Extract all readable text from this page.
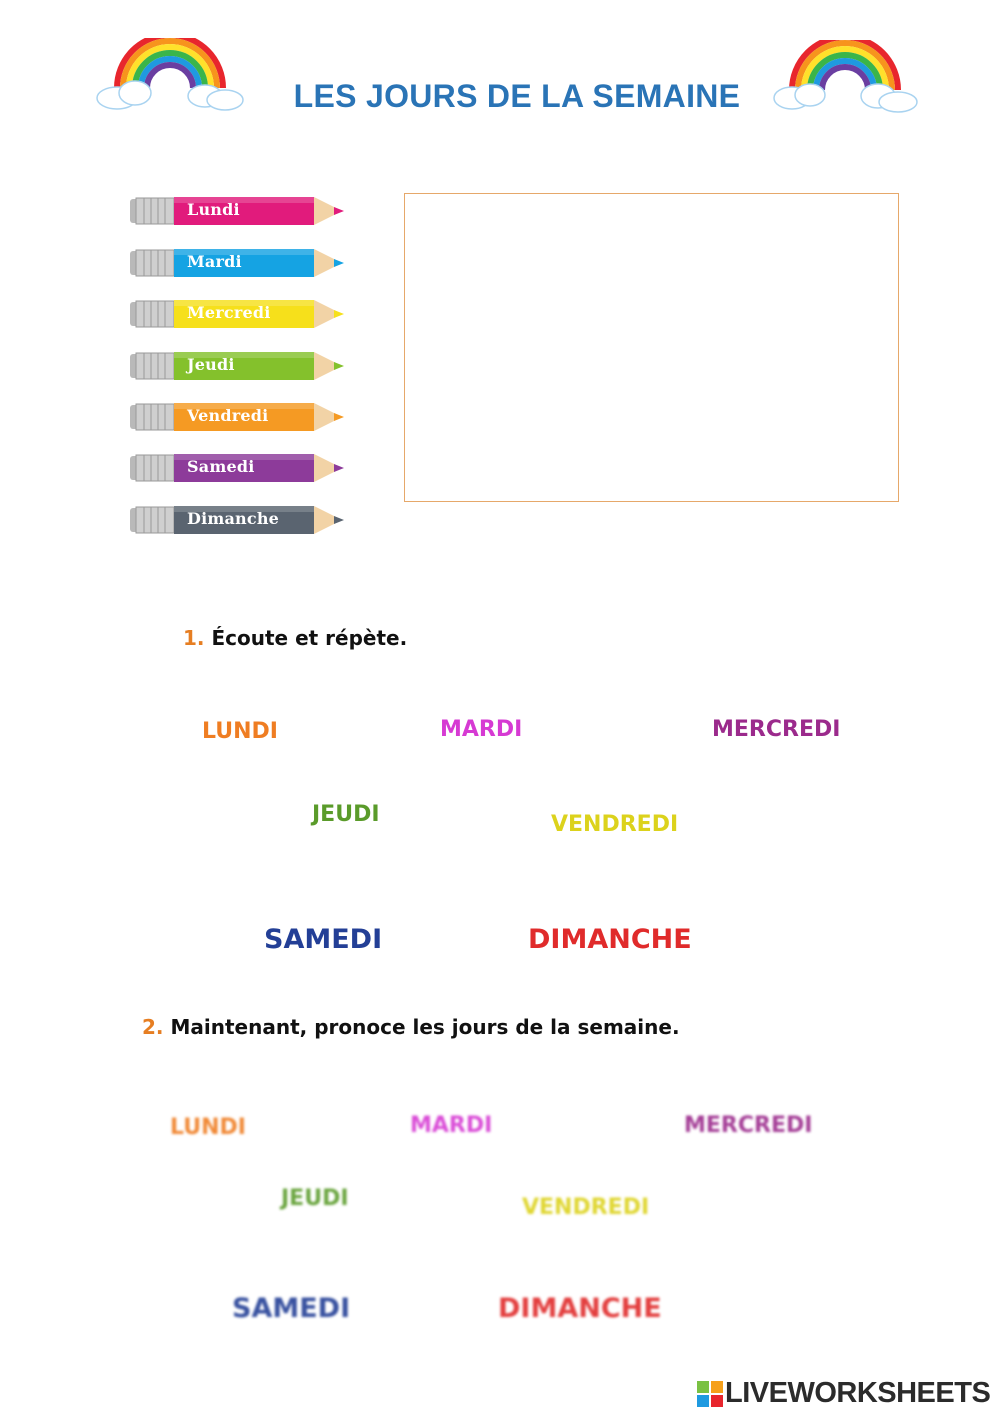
LES JOURS DE LA SEMAINE
Lundi
Mardi
Mercredi
Jeudi
Vendredi
Samedi
Dimanche
1. Écoute et répète.
LUNDI	MARDI	MERCREDI
JEUDI	VENDREDI
SAMEDI	DIMANCHE
2. Maintenant, pronoce les jours de la semaine.
LUNDI	MARDI	MERCREDI
JEUDI	VENDREDI
SAMEDI	DIMANCHE
LIVEWORKSHEETS
